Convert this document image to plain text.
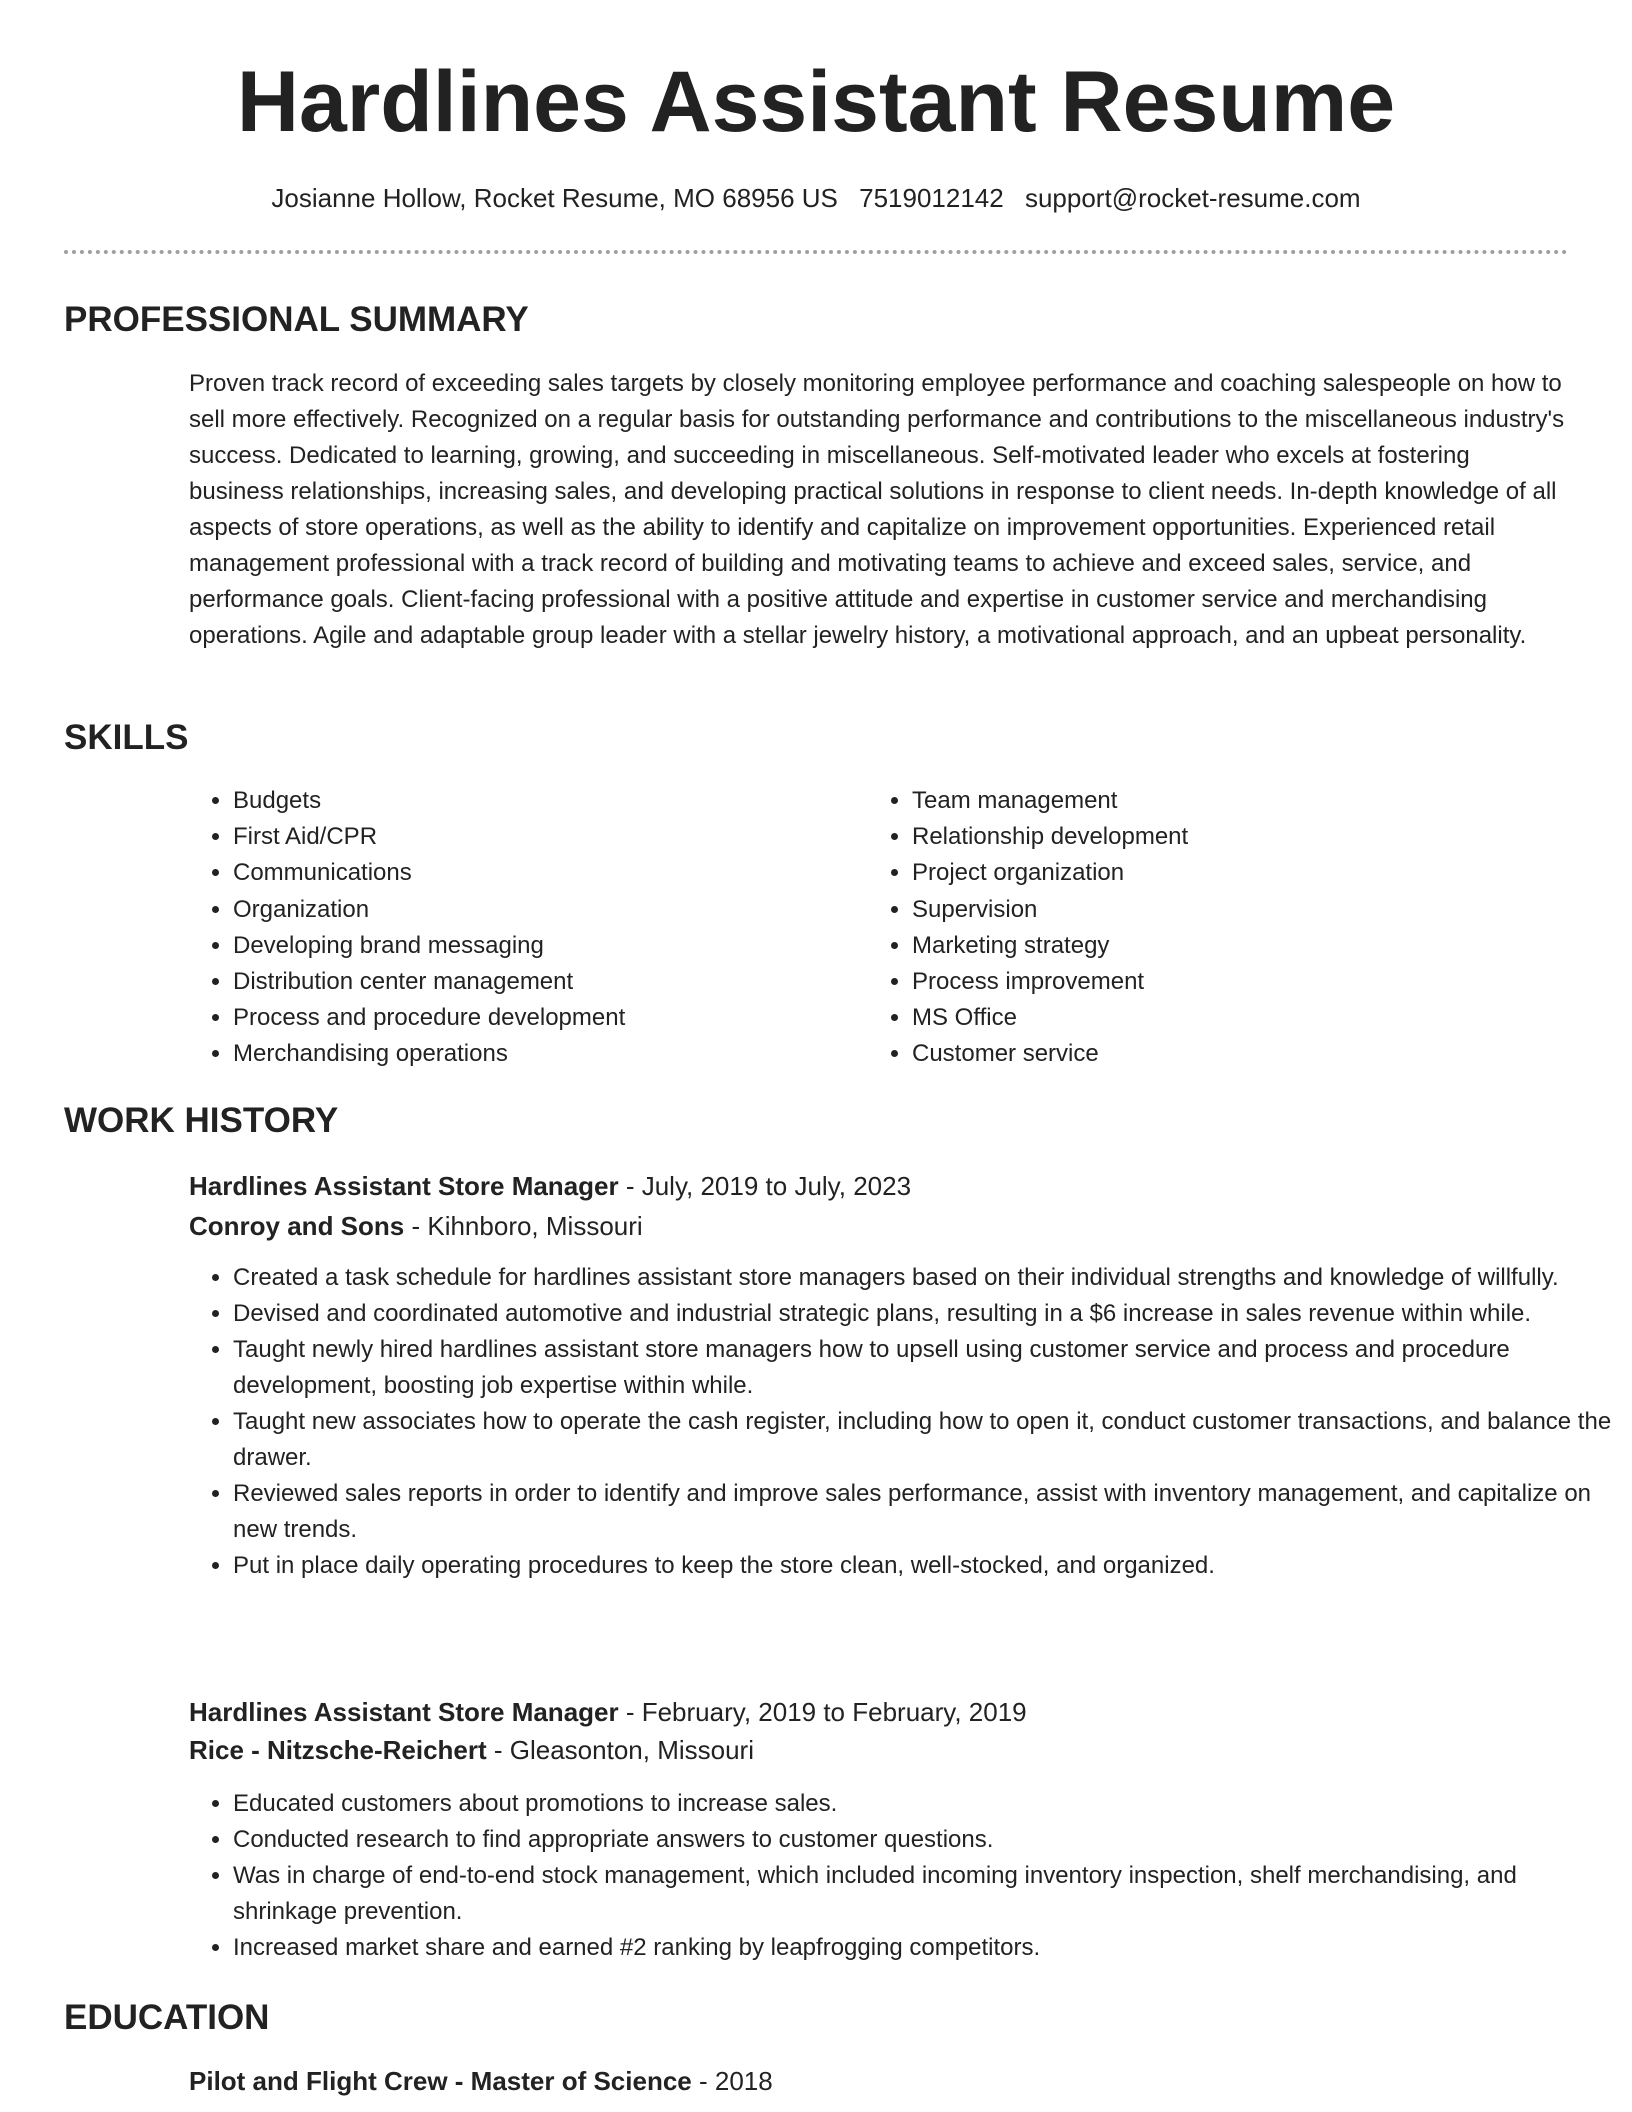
Hardlines Assistant Resume
Josianne Hollow, Rocket Resume, MO 68956 US 7519012142 support@rocket-resume.com
PROFESSIONAL SUMMARY

Proven track record of exceeding sales targets by closely monitoring employee performance and coaching salespeople on how to sell more effectively. Recognized on a regular basis for outstanding performance and contributions to the miscellaneous industry's success. Dedicated to learning, growing, and succeeding in miscellaneous. Self-motivated leader who excels at fostering business relationships, increasing sales, and developing practical solutions in response to client needs. In-depth knowledge of all aspects of store operations, as well as the ability to identify and capitalize on improvement opportunities. Experienced retail management professional with a track record of building and motivating teams to achieve and exceed sales, service, and performance goals. Client-facing professional with a positive attitude and expertise in customer service and merchandising operations. Agile and adaptable group leader with a stellar jewelry history, a motivational approach, and an upbeat personality.

SKILLS
• Budgets
• First Aid/CPR
• Communications
• Organization
• Developing brand messaging
• Distribution center management
• Process and procedure development
• Merchandising operations
• Team management
• Relationship development
• Project organization
• Supervision
• Marketing strategy
• Process improvement
• MS Office
• Customer service
WORK HISTORY
Hardlines Assistant Store Manager - July, 2019 to July, 2023
Conroy and Sons - Kihnboro, Missouri
• Created a task schedule for hardlines assistant store managers based on their individual strengths and knowledge of willfully.
• Devised and coordinated automotive and industrial strategic plans, resulting in a $6 increase in sales revenue within while.
• Taught newly hired hardlines assistant store managers how to upsell using customer service and process and procedure development, boosting job expertise within while.
• Taught new associates how to operate the cash register, including how to open it, conduct customer transactions, and balance the drawer.
• Reviewed sales reports in order to identify and improve sales performance, assist with inventory management, and capitalize on new trends.
• Put in place daily operating procedures to keep the store clean, well-stocked, and organized.
Hardlines Assistant Store Manager - February, 2019 to February, 2019
Rice - Nitzsche-Reichert - Gleasonton, Missouri
• Educated customers about promotions to increase sales.
• Conducted research to find appropriate answers to customer questions.
• Was in charge of end-to-end stock management, which included incoming inventory inspection, shelf merchandising, and shrinkage prevention.
• Increased market share and earned #2 ranking by leapfrogging competitors.
EDUCATION
Pilot and Flight Crew - Master of Science - 2018
